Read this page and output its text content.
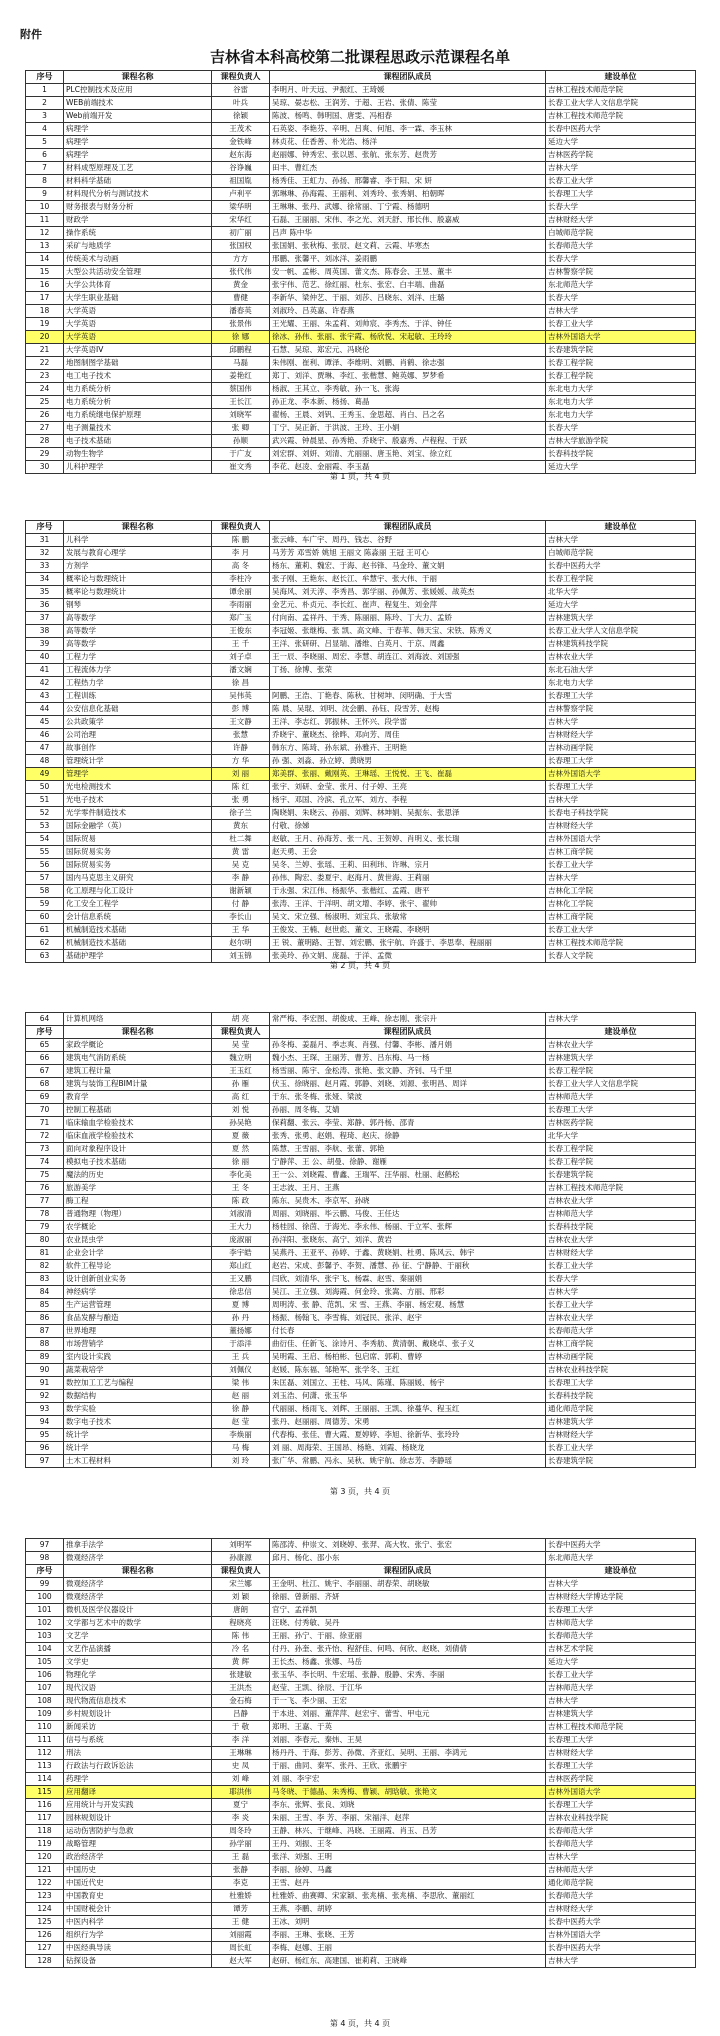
附件
吉林省本科高校第二批课程思政示范课程名单
序号	课程名称	课程负责人	课程团队成员	建设单位
1	PLC控制技术及应用	谷雷	李明月、叶天远、尹振红、王琦媛	吉林工程技术师范学院
2	WEB前端技术	叶兵	吴琼、晏志松、王润芳、于超、王岩、张倩、陈莹	长春工业大学人文信息学院
3	Web前端开发	徐颖	陈波、杨鸣、韩明国、唐雯、冯相春	吉林工程技术师范学院
4	病理学	王茂术	石英姿、李艳芬、辛明、吕爽、何旭、李一霖、李玉林	长春中医药大学
5	病理学	金铁峰	林贞花、任香善、朴光浩、杨洋	延边大学
6	病理学	赵东海	赵丽娜、钟秀宏、张以恩、张航、张东芳、赵贵芳	吉林医药学院
7	材料成型原理及工艺	谷诤巍	田丰、曹红杰	吉林大学
8	材料科学基础	祖国胤	杨秀佳、王虹力、孙扬、邢馨睿、李于阳、宋 妍	长春工业大学
9	材料现代分析与测试技术	卢利平	郭琳琳、孙海霞、王丽利、刘秀玲、张秀娟、柏朝晖	长春理工大学
10	财务报表与财务分析	梁华明	王琳琳、张丹、武娜、徐常丽、丁宁霞、杨德明	长春大学
11	财政学	宋华红	石磊、王丽丽、宋伟、李之光、刘天舒、邢长伟、殷嘉威	吉林财经大学
12	操作系统	初广丽	吕声 陈中华	白城师范学院
13	采矿与地质学	张国权	张国娟、张秋梅、张辰、赵文莉、云霞、毕寒杰	长春师范大学
14	传统美术与动画	方方	邢鹏、张馨平、刘冰洋、姜雨鹏	长春大学
15	大型公共活动安全管理	张代伟	安一帆、孟彬、周英国、蕾文杰、陈春会、王昱、董丰	吉林警察学院
16	大学公共体育	黄金	张宇伟、范艺、徐红丽、杜东、张宏、白丰端、曲磊	东北师范大学
17	大学生职业基础	曹健	李新华、梁仲艺、于丽、刘莎、吕晓东、刘洋、庄璐	长春大学
18	大学英语	潘春英	刘淑玲、吕英嘉、许春燕	吉林大学
19	大学英语	张景伟	王光耀、王丽、朱孟莉、刘帅宸、李秀杰、于洋、钟任	长春工业大学
20	大学英语	徐 娜	徐冰、孙伟、张丽、张宇霞、杨欣悦、宋起敏、王玲玲	吉林外国语大学
21	大学英语IV	邱鹏程	石慧、吴琼、郑宏元、冯晓伦	长春建筑学院
22	地图制图学基础	马磊	朱伟刚、崔利、谭泽、李维明、刘鹏、肖鹤、徐志强	长春工程学院
23	电工电子技术	姜艳红	郑丁、刘洋、贾琳、李红、张楷慧、鲍英娜、罗梦希	长春工程学院
24	电力系统分析	蔡国伟	杨淑、王其立、李秀敏、孙一飞、张海	东北电力大学
25	电力系统分析	王长江	孙正龙、李本新、杨扬、葛晶	东北电力大学
26	电力系统继电保护原理	刘晓军	翟杨、王晨、刘钒、王秀玉、金思超、肖白、吕之名	东北电力大学
27	电子测量技术	张 卿	丁宁、吴正新、于洪波、王玲、王小娟	长春大学
28	电子技术基础	孙顺	武兴霞、钟晨星、孙秀艳、乔晓宇、殷嘉秀、卢程程、于跃	吉林大学旅游学院
29	动物生物学	于广友	刘宏群、刘妍、刘清、尤丽丽、唐玉艳、刘宝、徐立红	长春科技学院
30	儿科护理学	崔文秀	李花、赵凌、金丽霞、李玉磊	延边大学
第 1 页，共 4 页
序号	课程名称	课程负责人	课程团队成员	建设单位
31	儿科学	陈 鹏	张云峰、车广宇、周丹、钱志、谷野	吉林大学
32	发展与教育心理学	李 月	马芳芳 邓雪娇 姚旭 王丽文 陈淼丽 王冠 王可心	白城师范学院
33	方剂学	高 冬	杨东、董莉、魏宏、于海、赵书锋、马金玲、董文娟	长春中医药大学
34	概率论与数理统计	李柱冷	张子刚、王艳东、赵长江、牟慧宇、张大伟、于丽	长春工程学院
35	概率论与数理统计	谭余丽	吴海风、刘天淳、李秀昌、郭学丽、孙佩芳、张媛媛、战英杰	北华大学
36	钢琴	李雨丽	金艺元、朴贞元、李长红、崔声、程复生、刘金萍	延边大学
37	高等数学	郑广玉	付向南、孟祥丹、于秀、陈丽丽、陈玲、丁大力、孟娇	吉林建筑大学
38	高等数学	王俊东	李冠姬、张继梅、张 凯、高文峰、于春苇、韩天宝、宋铁、陈秀义	长春工业大学人文信息学院
39	高等数学	王 千	王洋、张研研、吕显瑞、潘维、白英月、于京、周鑫	吉林建筑科技学院
40	工程力学	刘子卓	王一辰、李晓丽、周宏、李慧、胡连江、刘海波、刘国强	吉林农业大学
41	工程流体力学	潘文娴	丁扬、徐博、张荣	东北石油大学
42	工程热力学	徐 昌		东北电力大学
43	工程训练	吴伟英	阿鹏、王浩、丁艳春、陈秋、甘树坤、闵明确、于大雪	长春理工大学
44	公安信息化基础	彭 博	陈 晨、吴琨、刘明、沈会鹏、孙钰、段雪芳、赵梅	吉林警察学院
45	公共政策学	王文静	王洋、李志红、郭振林、王怀兴、段学雷	吉林大学
46	公司治理	张慧	乔晓宇、董晓杰、徐晔、邓向芳、周佳	吉林财经大学
47	故事创作	许静	韩东方、陈琦、孙东斌、孙雅卉、王明艳	吉林动画学院
48	管理统计学	方 华	孙 强、刘淼、孙立婷、黄晓男	长春理工大学
49	管理学	刘 丽	郑美群、张丽、戴刚英、王琳瑶、王悦悦、王飞、崔磊	吉林外国语大学
50	光电检测技术	陈 红	张宇、刘研、金莹、张月、付子婷、王亮	长春理工大学
51	光电子技术	张 勇	杨宇、邓国、冷滨、孔立军、刘方、李程	吉林大学
52	光学零件制造技术	徐子兰	陶晓娟、朱晓云、孙丽、刘辉、林坤娟、吴振东、张思泽	长春电子科技学院
53	国际金融学（英）	黄东	付敬、徐娣	吉林财经大学
54	国际贸易	杜二舞	赵敏、王月、孙海芳、张一凡、王贺婷、肖明义、张长瑞	吉林外国语大学
55	国际贸易实务	黄 雷	赵天勇、王会	吉林工商学院
56	国际贸易实务	吴 克	吴冬、兰婷、张瑶、王莉、田利玮、许琳、宗月	长春工业大学
57	国内马克思主义研究	李 静	孙伟、陶宏、娄夏宇、赵海月、黄世海、王莉丽	吉林大学
58	化工原理与化工设计	谢新颖	于永强、宋江伟、杨振华、张楷红、孟霞、唐平	吉林化工学院
59	化工安全工程学	付 静	张涛、王洋、于洋明、胡文增、李婷、张宇、翟帅	吉林化工学院
60	会计信息系统	李长山	吴文、宋立强、杨淑明、刘宝兵、张敏常	吉林工商学院
61	机械制造技术基础	王 华	王俊发、王楠、赵世彪、董文、王晓霞、李晓明	长春工业大学
62	机械制造技术基础	赵尔明	王 锐、董明路、王智、刘宏鹏、张宇航、许盛于、李思奉、程丽丽	吉林工程技术师范学院
63	基础护理学	刘玉锦	张美玲、孙文娟、庞磊、于洋、孟微	长春人文学院
第 2 页，共 4 页
64	计算机网络	胡 亮	常严梅、李宏图、胡俊成、王峰、徐志刚、张宗升	吉林大学
序号	课程名称	课程负责人	课程团队成员	建设单位
65	家政学概论	吴 莹	孙冬梅、姜磊月、季志爽、肖强、付馨、李彬、潘月娟	吉林农业大学
66	建筑电气消防系统	魏立明	魏小杰、王琛、王丽芳、曹芳、吕东梅、马一杨	吉林建筑大学
67	建筑工程计量	王玉红	杨雪丽、陈宇、金松涛、张艳、张文静、齐钊、马千里	长春工程学院
68	建筑与装饰工程BIM计量	孙 雁	伏玉、徐晓丽、赵月霞、郭静、刘晓、刘源、张明昌、周详	长春工业大学人文信息学院
69	教育学	高 红	于东、张冬梅、张娅、梁波	吉林师范大学
70	控制工程基础	刘 悦	孙丽、周冬梅、艾婧	长春理工大学
71	临床输血学检验技术	孙吴艳	保莉翻、张云、李莹、郑静、郭丹杨、邵青	吉林医药学院
72	临床血液学检验技术	夏 薇	张秀、张勇、赵娟、程琦、赵庆、徐静	北华大学
73	面向对象程序设计	夏 然	陈慧、王雪丽、李航、张蕾、郭艳	长春工程学院
74	模拟电子技术基础	徐 丽	宁静萍、王 公、胡曼、徐静、谢雁	长春工程学院
75	魔法的历史	李化美	王一公、刘晓霞、曹鑫、王瑞军、汪华丽、杜丽、赵鹤松	长春建筑学院
76	旅游美学	王 冬	王志波、王月、王燕	吉林工程技术师范学院
77	酶工程	陈 政	陈东、吴贵木、李京军、孙晓	吉林农业大学
78	普通物理（物理）	刘淑清	周丽、刘晓丽、毕云鹏、马俊、王任达	吉林师范大学
79	农学概论	王大力	杨桂园、徐茵、于海光、李永伟、杨丽、于立军、张辉	长春科技学院
80	农业昆虫学	庞淑丽	孙洋阳、张晓东、高宁、刘洋、黄岩	吉林农业大学
81	企业会计学	李宇皓	吴燕丹、王亚平、孙婷、于鑫、黄晓娟、杜勇、陈风云、韩宇	吉林财经大学
82	软件工程导论	郑山红	赵岩、宋成、彭馨予、李贺、潘慧、孙 征、宁静静、于丽秋	长春工业大学
83	设计创新创业实务	王又鹏	闫欣、刘清华、张宇飞、杨霖、赵雪、秦丽娟	长春大学
84	神经病学	徐忠信	吴江、王立强、刘海霞、何金玲、张嵩、方丽、邢彩	吉林大学
85	生产运营管理	夏 博	周明涛、张 静、范凯、宋 雪、王燕、李丽、杨宏观、杨慧	长春工业大学
86	食品发酵与酿造	孙 丹	杨振、杨翰飞、李雪梅、刘冠民、张洋、赵宇	吉林农业大学
87	世界地理	董扬娜	付长春	长春师范大学
88	市场营销学	于添洋	曲衍佳、任新飞、涂诗月、李秀舫、黄清朝、戴晓卓、张子义	吉林工商学院
89	室内设计实践	王 兵	吴明霞、王启、杨柏彬、包启席、郭莉、曹婷	吉林动画学院
90	蔬菜栽培学	刘佩仪	赵媛、陈东福、邹艳军、张学冬、王红	吉林农业科技学院
91	数控加工工艺与编程	梁 伟	朱匡磊、刘国立、王桂、马风、陈瑾、陈丽媛、杨宇	长春理工大学
92	数据结构	赵 丽	刘玉浩、何潇、张玉华	长春科技学院
93	数学实验	徐 静	代丽丽、杨雨飞、刘辉、王丽丽、王凯、徐蔓华、程玉红	通化师范学院
94	数字电子技术	赵 莹	张丹、赵丽丽、周德芳、宋勇	吉林建筑大学
95	统计学	李焕丽	代春梅、张佳、曹大霞、夏婷婷、李旭、徐新华、张玲玲	吉林财经大学
96	统计学	马 梅	刘 丽、周海荣、王国昂、杨艳、刘霞、杨晓龙	长春工业大学
97	土木工程材料	刘 玲	张广华、常鹏、冯永、吴秋、姚宇航、徐志芳、李静瑶	长春建筑学院
第 3 页，共 4 页
97	推拿手法学	刘明军	陈邵涛、仲崇文、刘晓婷、张羿、高大牧、张宁、张宏	长春中医药大学
98	微观经济学	孙康源	邱月、杨化、邵小东	东北师范大学
序号	课程名称	课程负责人	课程团队成员	建设单位
99	微观经济学	宋兰娜	王金明、杜江、姚宇、李丽丽、胡春荣、胡晓敏	吉林大学
100	微观经济学	刘 颖	徐丽、曾新丽、齐妍	吉林财经大学博达学院
101	微机及医学仪器设计	唐朗	官宁、孟祥凯	长春理工大学
102	文学都与艺术中的数学	程晓亮	汪晓、付秀敏、吴丹	吉林师范大学
103	文艺学	陈 伟	王丽、孙宁、于丽、徐亚丽	长春师范大学
104	文艺作品演播	冷 名	付丹、孙奎、张卉怡、程舒佳、何鸣、何欣、赵晓、刘倩倩	吉林艺术学院
105	文学史	黄 辉	王长杰、杨鑫、张娜、马岳	延边大学
106	物理化学	张建敏	张玉华、李长明、牛宏瑶、张静、殷静、宋秀、李丽	长春工业大学
107	现代汉语	王洪杰	赵莹、王凯、徐辰、于江华	吉林师范大学
108	现代物流信息技术	金石梅	于一飞、李少丽、王宏	吉林大学
109	乡村规划设计	吕静	于本进、刘丽、董萍萍、赵宏宇、蕾雪、甲屯元	吉林建筑大学
110	新闻采访	于 敬	郑明、王嘉、于英	吉林工程技术师范学院
111	信号与系统	李 洋	刘丽、李春元、秦炜、王昊	长春理工大学
112	刑法	王琳琳	杨丹丹、于海、彭芳、孙微、齐亚红、吴明、王丽、李鸿元	吉林财经大学
113	行政法与行政诉讼法	史 凤	于丽、曲同、秦军、张丹、王欣、张鹏宇	长春理工大学
114	药理学	刘 峰	刘 丽、李宇宏	吉林医药学院
115	应用翻译	耶洪伟	马冬晓、于德晶、朱秀梅、曹颖、胡晗敏、张艳文	吉林外国语大学
116	应用统计与开发实践	夏宁	李东、张辉、张良、刘晓	长春理工大学
117	园林规划设计	李 炎	朱丽、王雪、李 芳、李丽、宋福洋、赵萍	吉林农业科技学院
118	运动伤害防护与急救	周冬玲	王静、林兴、于继峰、冯晓、王丽霞、肖玉、吕芳	长春师范大学
119	战略管理	孙学丽	王丹、刘振、王冬	长春师范大学
120	政治经济学	王 磊	张洋、刘强、王明	吉林大学
121	中国历史	张静	李丽、徐婷、马鑫	吉林师范大学
122	中国近代史	李克	王雪、赵丹	通化师范学院
123	中国教育史	杜雅娇	杜雅娇、曲赛卿、宋家颖、张兆楠、张兆楠、李思欣、董丽红	长春师范大学
124	中国财税会计	谭芳	王燕、李鹏、胡婷	吉林财经大学
125	中医内科学	王 健	王冰、刘明	长春中医药大学
126	组织行为学	刘丽霞	李丽、王琳、张晓、王芳	吉林外国语大学
127	中医经典导读	周长虹	李梅、赵娜、王丽	长春中医药大学
128	钻探设备	赵大军	赵研、杨红东、高建国、崔莉莉、王晓峰	吉林大学
第 4 页，共 4 页
